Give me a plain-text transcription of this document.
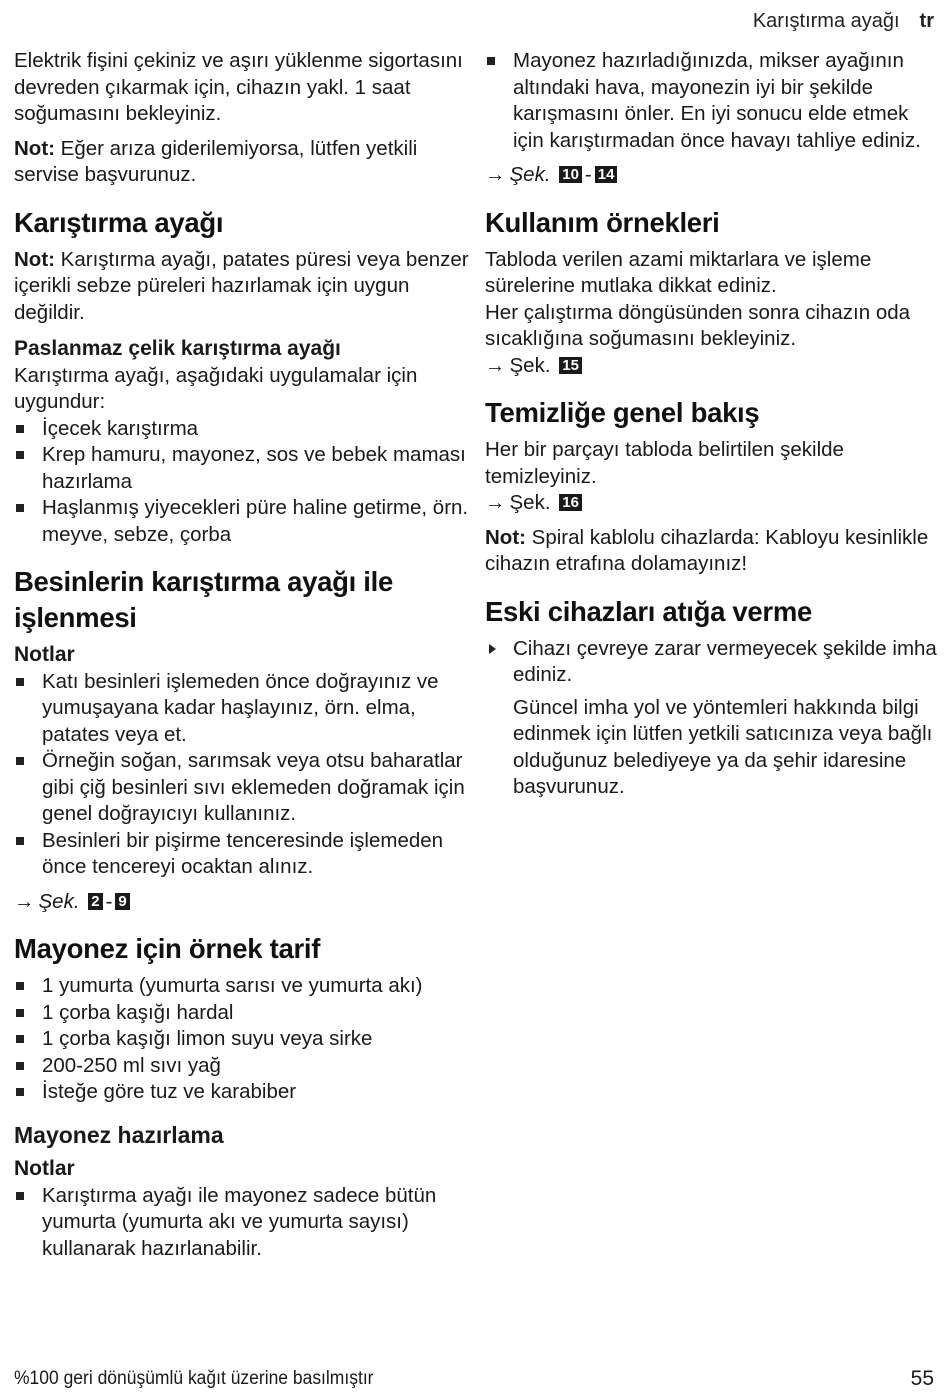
Karıştırma ayağı tr

Elektrik fişini çekiniz ve aşırı yüklenme sigortasını devreden çıkarmak için, cihazın yakl. 1 saat soğumasını bekleyiniz.

Not: Eğer arıza giderilemiyorsa, lütfen yetkili servise başvurunuz.

Karıştırma ayağı

Not: Karıştırma ayağı, patates püresi veya benzer içerikli sebze püreleri hazırlamak için uygun değildir.

Paslanmaz çelik karıştırma ayağı

Karıştırma ayağı, aşağıdaki uygulamalar için uygundur:

İçecek karıştırma
Krep hamuru, mayonez, sos ve bebek maması hazırlama
Haşlanmış yiyecekleri püre haline getirme, örn. meyve, sebze, çorba
Besinlerin karıştırma ayağı ile işlenmesi
Notlar
Katı besinleri işlemeden önce doğrayınız ve yumuşayana kadar haşlayınız, örn. elma, patates veya et.
Örneğin soğan, sarımsak veya otsu baharatlar gibi çiğ besinleri sıvı eklemeden doğramak için genel doğrayıcıyı kullanınız.
Besinleri bir pişirme tenceresinde işlemeden önce tencereyi ocaktan alınız.
→ Şek. 2 - 9
Mayonez için örnek tarif
1 yumurta (yumurta sarısı ve yumurta akı)
1 çorba kaşığı hardal
1 çorba kaşığı limon suyu veya sirke
200-250 ml sıvı yağ
İsteğe göre tuz ve karabiber
Mayonez hazırlama
Notlar
Karıştırma ayağı ile mayonez sadece bütün yumurta (yumurta akı ve yumurta sayısı) kullanarak hazırlanabilir.
Mayonez hazırladığınızda, mikser ayağının altındaki hava, mayonezin iyi bir şekilde karışmasını önler. En iyi sonucu elde etmek için karıştırmadan önce havayı tahliye ediniz.
→ Şek. 10 - 14
Kullanım örnekleri

Tabloda verilen azami miktarlara ve işleme sürelerine mutlaka dikkat ediniz.

Her çalıştırma döngüsünden sonra cihazın oda sıcaklığına soğumasını bekleyiniz.

→ Şek. 15
Temizliğe genel bakış

Her bir parçayı tabloda belirtilen şekilde temizleyiniz.

→ Şek. 16

Not: Spiral kablolu cihazlarda: Kabloyu kesinlikle cihazın etrafına dolamayınız!

Eski cihazları atığa verme
Cihazı çevreye zarar vermeyecek şekilde imha ediniz.

Güncel imha yol ve yöntemleri hakkında bilgi edinmek için lütfen yetkili satıcınıza veya bağlı olduğunuz belediyeye ya da şehir idaresine başvurunuz.

%100 geri dönüşümlü kağıt üzerine basılmıştır	55
